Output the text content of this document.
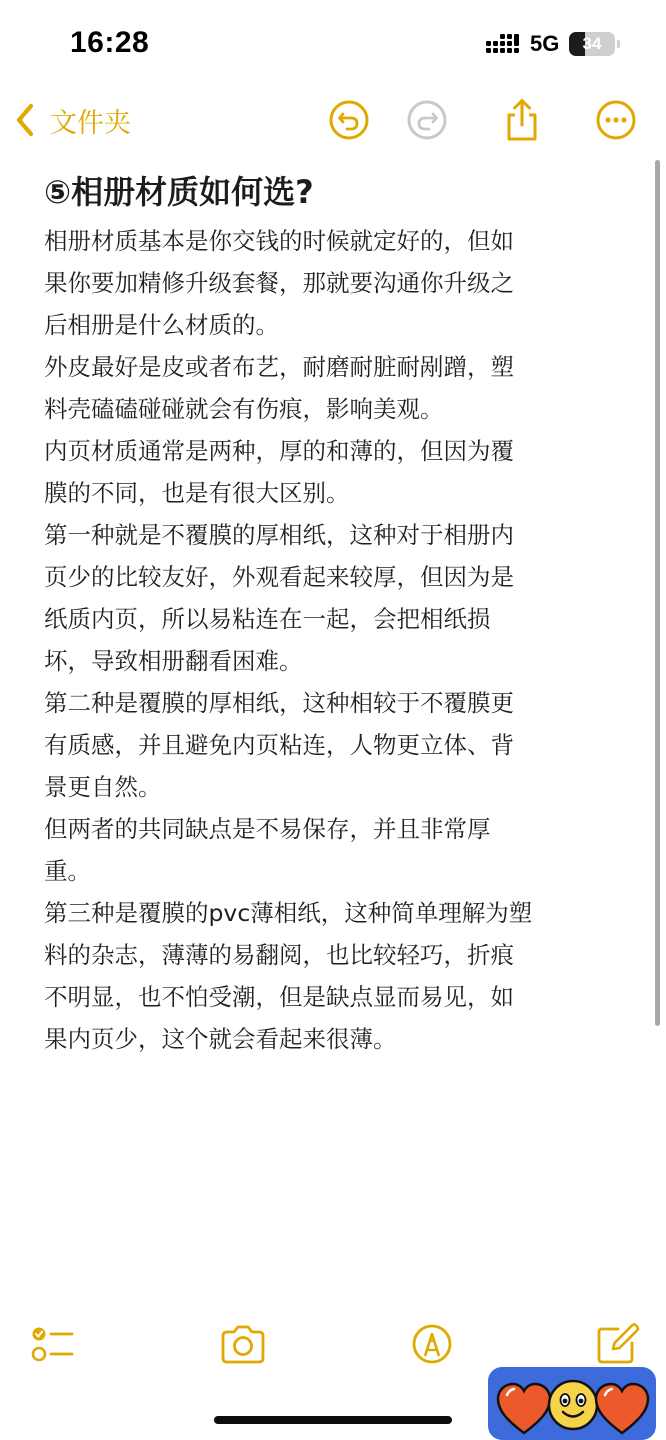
16:28	5G	34
文件夹
⑤相册材质如何选?

相册材质基本是你交钱的时候就定好的，但如
果你要加精修升级套餐，那就要沟通你升级之
后相册是什么材质的。

外皮最好是皮或者布艺，耐磨耐脏耐剐蹭，塑
料壳磕磕碰碰就会有伤痕，影响美观。

内页材质通常是两种，厚的和薄的，但因为覆
膜的不同，也是有很大区别。

第一种就是不覆膜的厚相纸，这种对于相册内
页少的比较友好，外观看起来较厚，但因为是
纸质内页，所以易粘连在一起，会把相纸损
坏，导致相册翻看困难。

第二种是覆膜的厚相纸，这种相较于不覆膜更
有质感，并且避免内页粘连，人物更立体、背
景更自然。

但两者的共同缺点是不易保存，并且非常厚
重。

第三种是覆膜的pvc薄相纸，这种简单理解为塑
料的杂志，薄薄的易翻阅，也比较轻巧，折痕
不明显，也不怕受潮，但是缺点显而易见，如
果内页少，这个就会看起来很薄。
